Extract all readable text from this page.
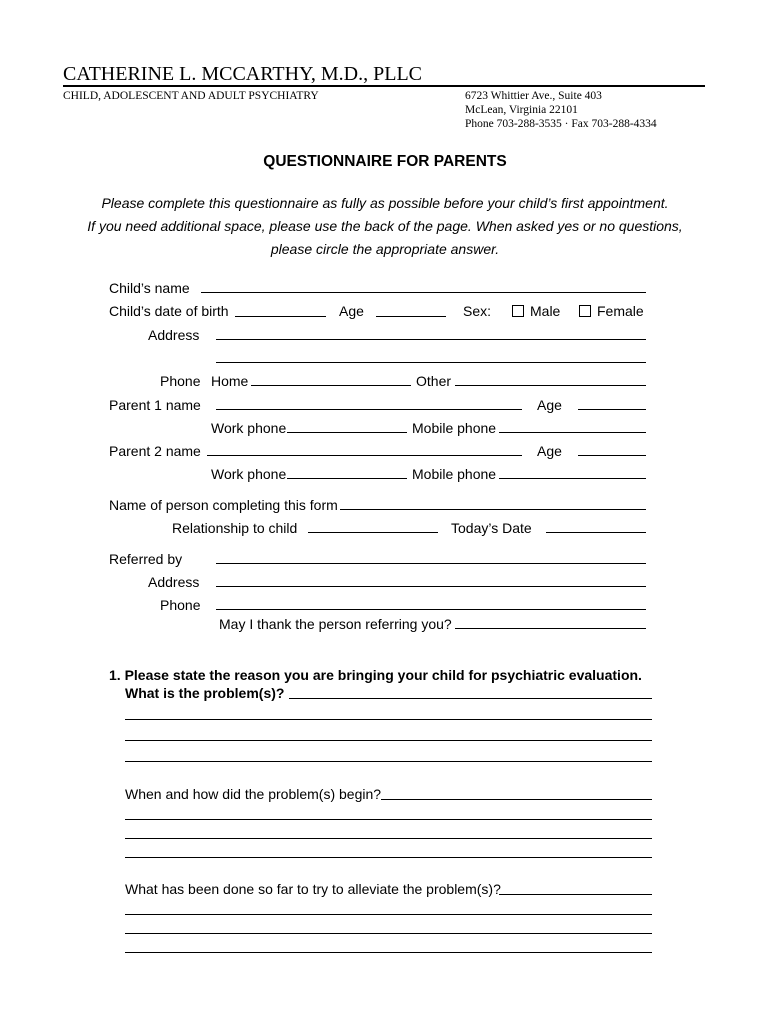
CATHERINE L. MCCARTHY, M.D., PLLC
CHILD, ADOLESCENT AND ADULT PSYCHIATRY	6723 Whittier Ave., Suite 403
McLean, Virginia 22101
Phone 703-288-3535 · Fax 703-288-4334
QUESTIONNAIRE FOR PARENTS
Please complete this questionnaire as fully as possible before your child’s first appointment.
If you need additional space, please use the back of the page. When asked yes or no questions,
please circle the appropriate answer.
Child’s name
Child’s date of birth	Age	Sex:	Male	Female
Address
Phone Home	Other
Parent 1 name	Age
Work phone	Mobile phone
Parent 2 name	Age
Work phone	Mobile phone
Name of person completing this form
Relationship to child	Today’s Date
Referred by
Address
Phone
May I thank the person referring you?
1. Please state the reason you are bringing your child for psychiatric evaluation.
What is the problem(s)?
When and how did the problem(s) begin?
What has been done so far to try to alleviate the problem(s)?
